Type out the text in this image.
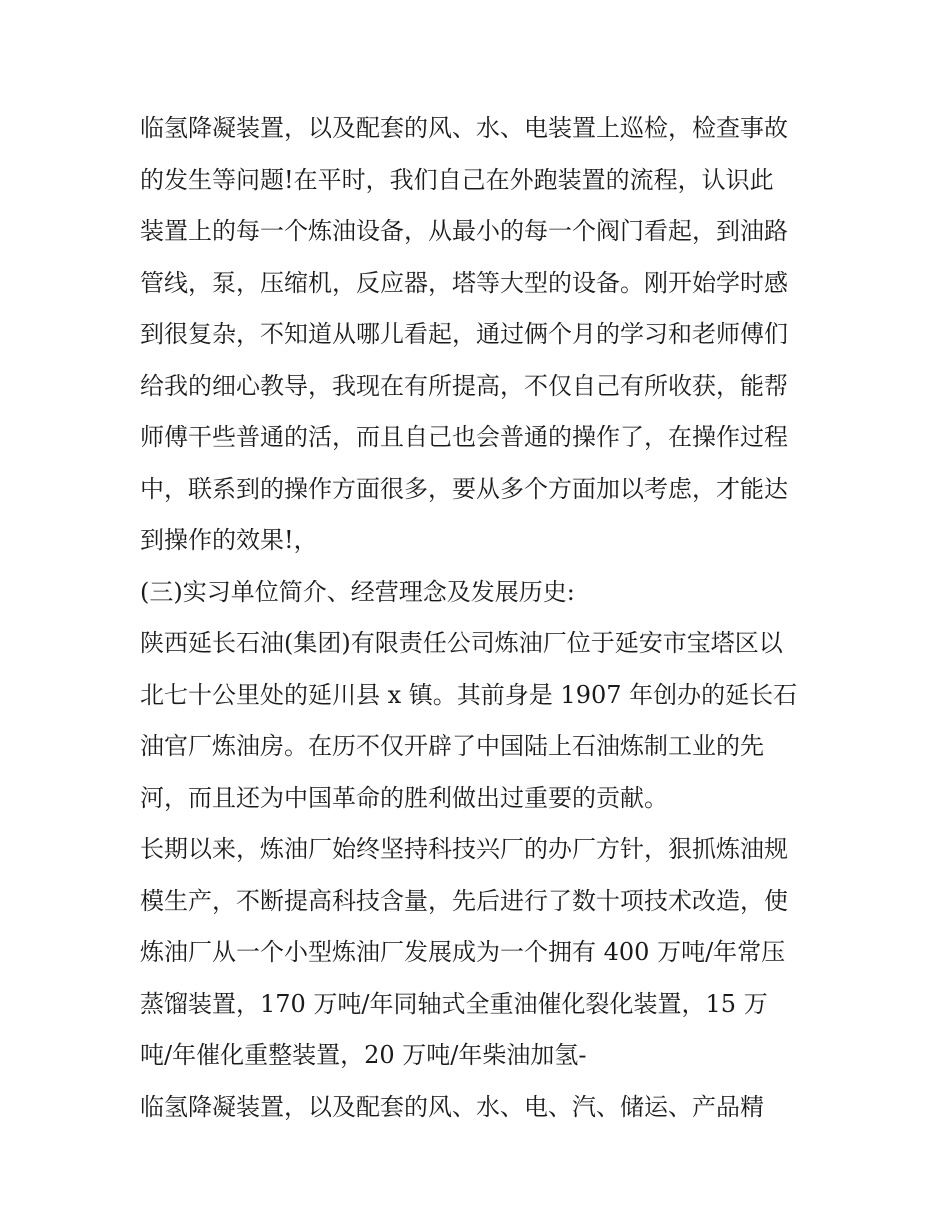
临氢降凝装置，以及配套的风、水、电装置上巡检，检查事故
的发生等问题!在平时，我们自己在外跑装置的流程，认识此
装置上的每一个炼油设备，从最小的每一个阀门看起，到油路
管线，泵，压缩机，反应器，塔等大型的设备。刚开始学时感
到很复杂，不知道从哪儿看起，通过俩个月的学习和老师傅们
给我的细心教导，我现在有所提高，不仅自己有所收获，能帮
师傅干些普通的活，而且自己也会普通的操作了，在操作过程
中，联系到的操作方面很多，要从多个方面加以考虑，才能达
到操作的效果!，
(三)实习单位简介、经营理念及发展历史:
陕西延长石油(集团)有限责任公司炼油厂位于延安市宝塔区以
北七十公里处的延川县 x 镇。其前身是 1907 年创办的延长石
油官厂炼油房。在历不仅开辟了中国陆上石油炼制工业的先
河，而且还为中国革命的胜利做出过重要的贡献。
长期以来，炼油厂始终坚持科技兴厂的办厂方针，狠抓炼油规
模生产，不断提高科技含量，先后进行了数十项技术改造，使
炼油厂从一个小型炼油厂发展成为一个拥有 400 万吨/年常压
蒸馏装置，170 万吨/年同轴式全重油催化裂化装置，15 万
吨/年催化重整装置，20 万吨/年柴油加氢-
临氢降凝装置，以及配套的风、水、电、汽、储运、产品精
